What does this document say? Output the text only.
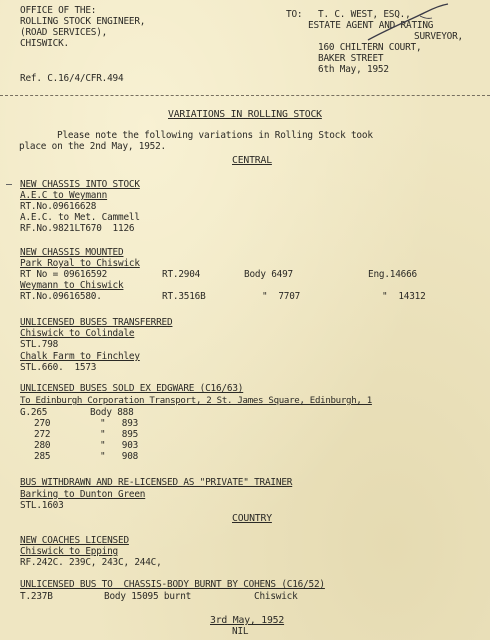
OFFICE OF THE:
ROLLING STOCK ENGINEER,
(ROAD SERVICES),
CHISWICK.
TO: T. C. WEST, ESQ.,
ESTATE AGENT AND RATING
SURVEYOR,
160 CHILTERN COURT,
BAKER STREET
6th May, 1952
Ref. C.16/4/CFR.494
VARIATIONS IN ROLLING STOCK
Please note the following variations in Rolling Stock took
place on the 2nd May, 1952.
CENTRAL
NEW CHASSIS INTO STOCK
A.E.C to Weymann
RT.No.09616628
A.E.C. to Met. Cammell
RF.No.9821LT670  1126
NEW CHASSIS MOUNTED
Park Royal to Chiswick
RT No = 09616592	RT.2904	Body 6497	Eng.14666
Weymann to Chiswick
RT.No.09616580.	RT.3516B	"  7707	"  14312
UNLICENSED BUSES TRANSFERRED
Chiswick to Colindale
STL.798
Chalk Farm to Finchley
STL.660.  1573
UNLICENSED BUSES SOLD EX EDGWARE (C16/63)
To Edinburgh Corporation Transport, 2 St. James Square, Edinburgh, 1
G.265	Body 888
270	"   893
272	"   895
280	"   903
285	"   908
BUS WITHDRAWN AND RE-LICENSED AS "PRIVATE" TRAINER
Barking to Dunton Green
STL.1603
COUNTRY
NEW COACHES LICENSED
Chiswick to Epping
RF.242C. 239C, 243C, 244C,
UNLICENSED BUS TO  CHASSIS-BODY BURNT BY COHENS (C16/52)
T.237B	Body 15095 burnt	Chiswick
3rd May, 1952
NIL
